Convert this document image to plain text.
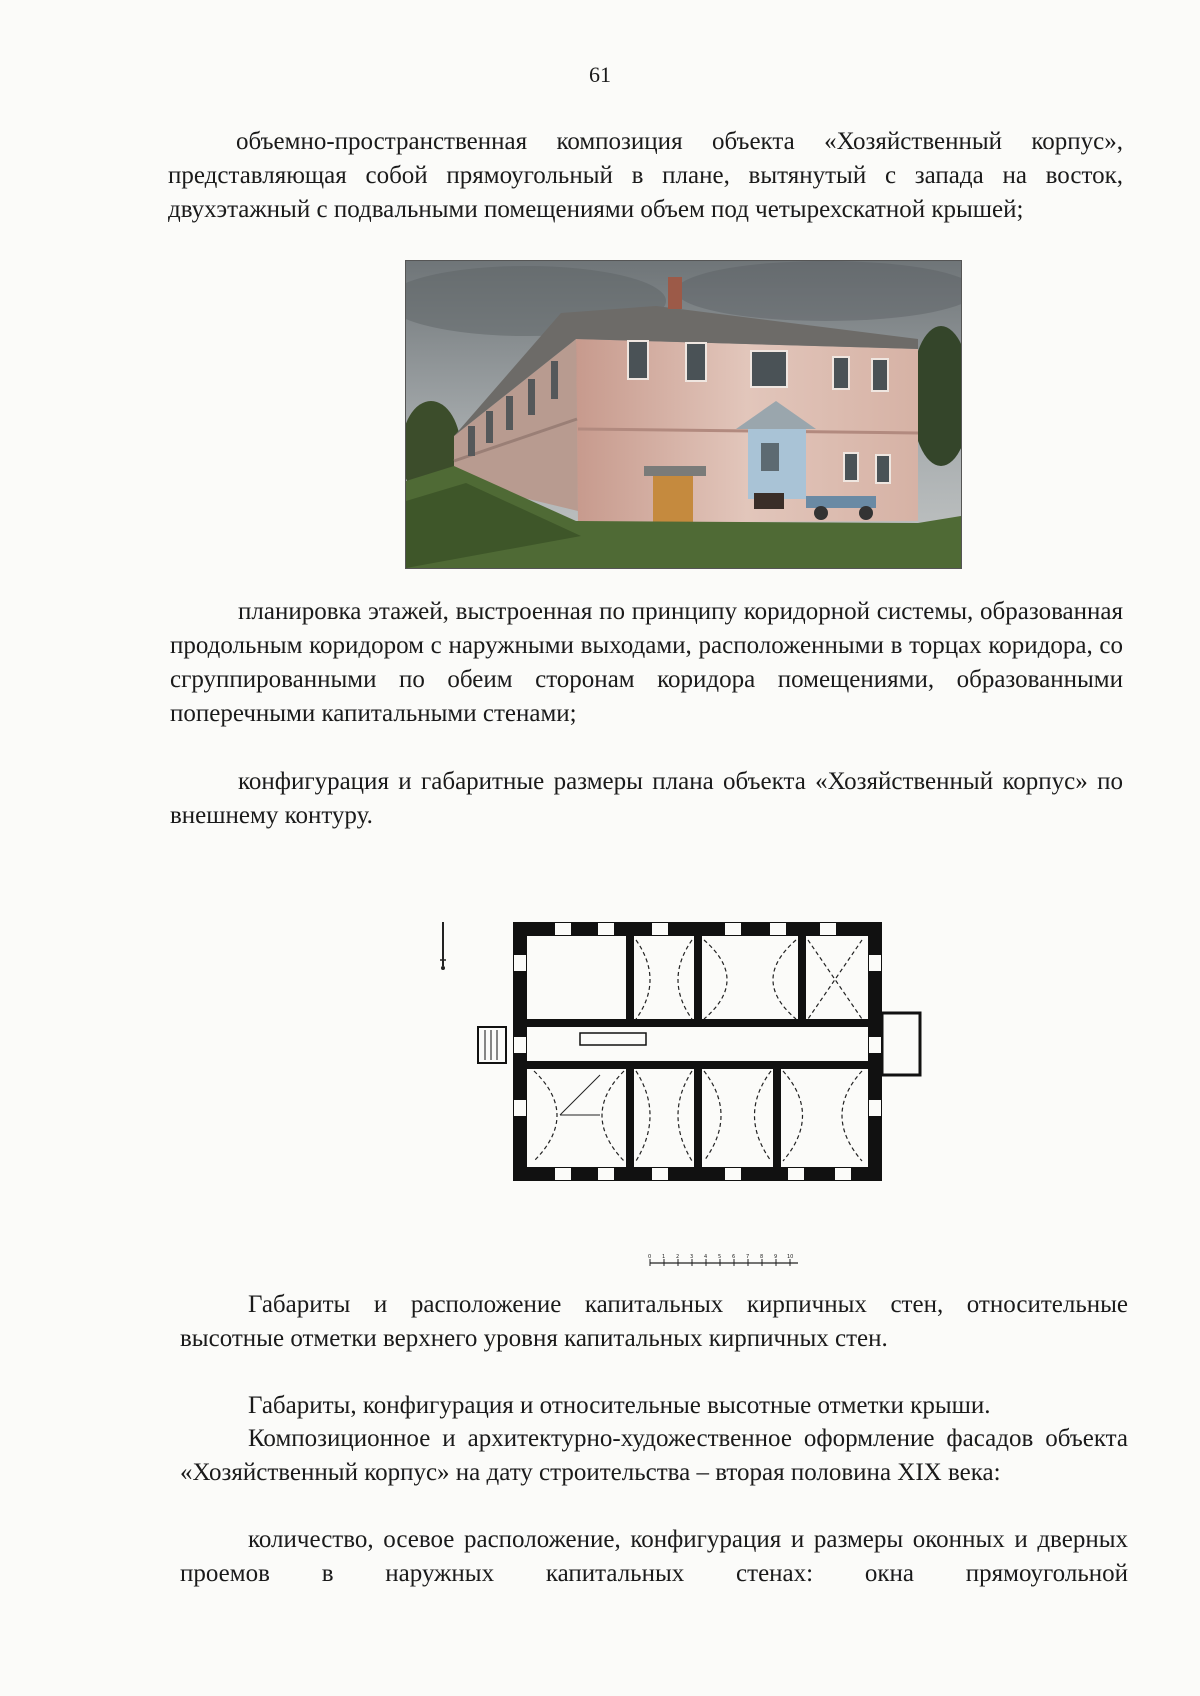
61

объемно-пространственная композиция объекта «Хозяйственный корпус», представляющая собой прямоугольный в плане, вытянутый с запада на восток, двухэтажный с подвальными помещениями объем под четырехскатной крышей;

планировка этажей, выстроенная по принципу коридорной системы, образованная продольным коридором с наружными выходами, расположенными в торцах коридора, со сгруппированными по обеим сторонам коридора помещениями, образованными поперечными капитальными стенами;

конфигурация и габаритные размеры плана объекта «Хозяйственный корпус» по внешнему контуру.

0 1 2 3 4 5 6 7 8 9 10

Габариты и расположение капитальных кирпичных стен, относительные высотные отметки верхнего уровня капитальных кирпичных стен.

Габариты, конфигурация и относительные высотные отметки крыши.

Композиционное и архитектурно-художественное оформление фасадов объекта «Хозяйственный корпус» на дату строительства – вторая половина XIX века:

количество, осевое расположение, конфигурация и размеры оконных и дверных проемов в наружных капитальных стенах: окна прямоугольной
